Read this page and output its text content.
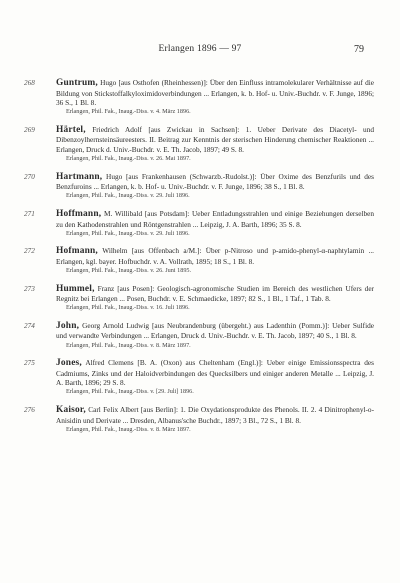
Erlangen 1896 — 97	79
268 Guntrum, Hugo [aus Osthofen (Rheinhessen)]: Über den Einfluss intramolekularer Verhältnisse auf die Bildung von Stickstoffalkyloximidoverbindungen ... Erlangen, k. b. Hof- u. Univ.-Buchdr. v. F. Junge, 1896; 36 S., 1 Bl. 8.
Erlangen, Phil. Fak., Inaug.-Diss. v. 4. März 1896.
269 Härtel, Friedrich Adolf [aus Zwickau in Sachsen]: 1. Ueber Derivate des Diacetyl- und Dibenzoylhernsteinsäureesters. II. Beitrag zur Kenntnis der sterischen Hinderung chemischer Reaktionen ... Erlangen, Druck d. Univ.-Buchdr. v. E. Th. Jacob, 1897; 49 S. 8.
Erlangen, Phil. Fak., Inaug.-Diss. v. 26. Mai 1897.
270 Hartmann, Hugo [aus Frankenhausen (Schwarzb.-Rudolst.)]: Über Oxime des Benzfurils und des Benzfuroins ... Erlangen, k. b. Hof- u. Univ.-Buchdr. v. F. Junge, 1896; 38 S., 1 Bl. 8.
Erlangen, Phil. Fak., Inaug.-Diss. v. 29. Juli 1896.
271 Hoffmann, M. Willibald [aus Potsdam]: Ueber Entladungsstrahlen und einige Beziehungen derselben zu den Kathodenstrahlen und Röntgenstrahlen ... Leipzig, J. A. Barth, 1896; 35 S. 8.
Erlangen, Phil. Fak., Inaug.-Diss. v. 29. Juli 1896.
272 Hofmann, Wilhelm [aus Offenbach a/M.]: Über p-Nitroso und p-amido-phenyl-α-naphtylamin ... Erlangen, kgl. bayer. Hofbuchdr. v. A. Vollrath, 1895; 18 S., 1 Bl. 8.
Erlangen, Phil. Fak., Inaug.-Diss. v. 26. Juni 1895.
273 Hummel, Franz [aus Posen]: Geologisch-agronomische Studien im Bereich des westlichen Ufers der Regnitz bei Erlangen ... Posen, Buchdr. v. E. Schmaedicke, 1897; 82 S., 1 Bl., 1 Taf., 1 Tab. 8.
Erlangen, Phil. Fak., Inaug.-Diss. v. 16. Juli 1896.
274 John, Georg Arnold Ludwig [aus Neubrandenburg (übergeht.) aus Ladenthin (Pomm.)]: Ueber Sulfide und verwandte Verbindungen ... Erlangen, Druck d. Univ.-Buchdr. v. E. Th. Jacob, 1897; 40 S., 1 Bl. 8.
Erlangen, Phil. Fak., Inaug.-Diss. v. 8. März 1897.
275 Jones, Alfred Clemens [B. A. (Oxon) aus Cheltenham (Engl.)]: Ueber einige Emissionsspectra des Cadmiums, Zinks und der Haloidverbindungen des Quecksilbers und einiger anderen Metalle ... Leipzig, J. A. Barth, 1896; 29 S. 8.
Erlangen, Phil. Fak., Inaug.-Diss. v. [29. Juli] 1896.
276 Kaisor, Carl Felix Albert [aus Berlin]: 1. Die Oxydationsprodukte des Phenols. II. 2. 4 Dinitrophenyl-o-Anisidin und Derivate ... Dresden, Albanus'sche Buchdr., 1897; 3 Bl., 72 S., 1 Bl. 8.
Erlangen, Phil. Fak., Inaug.-Diss. v. 8. März 1897.
